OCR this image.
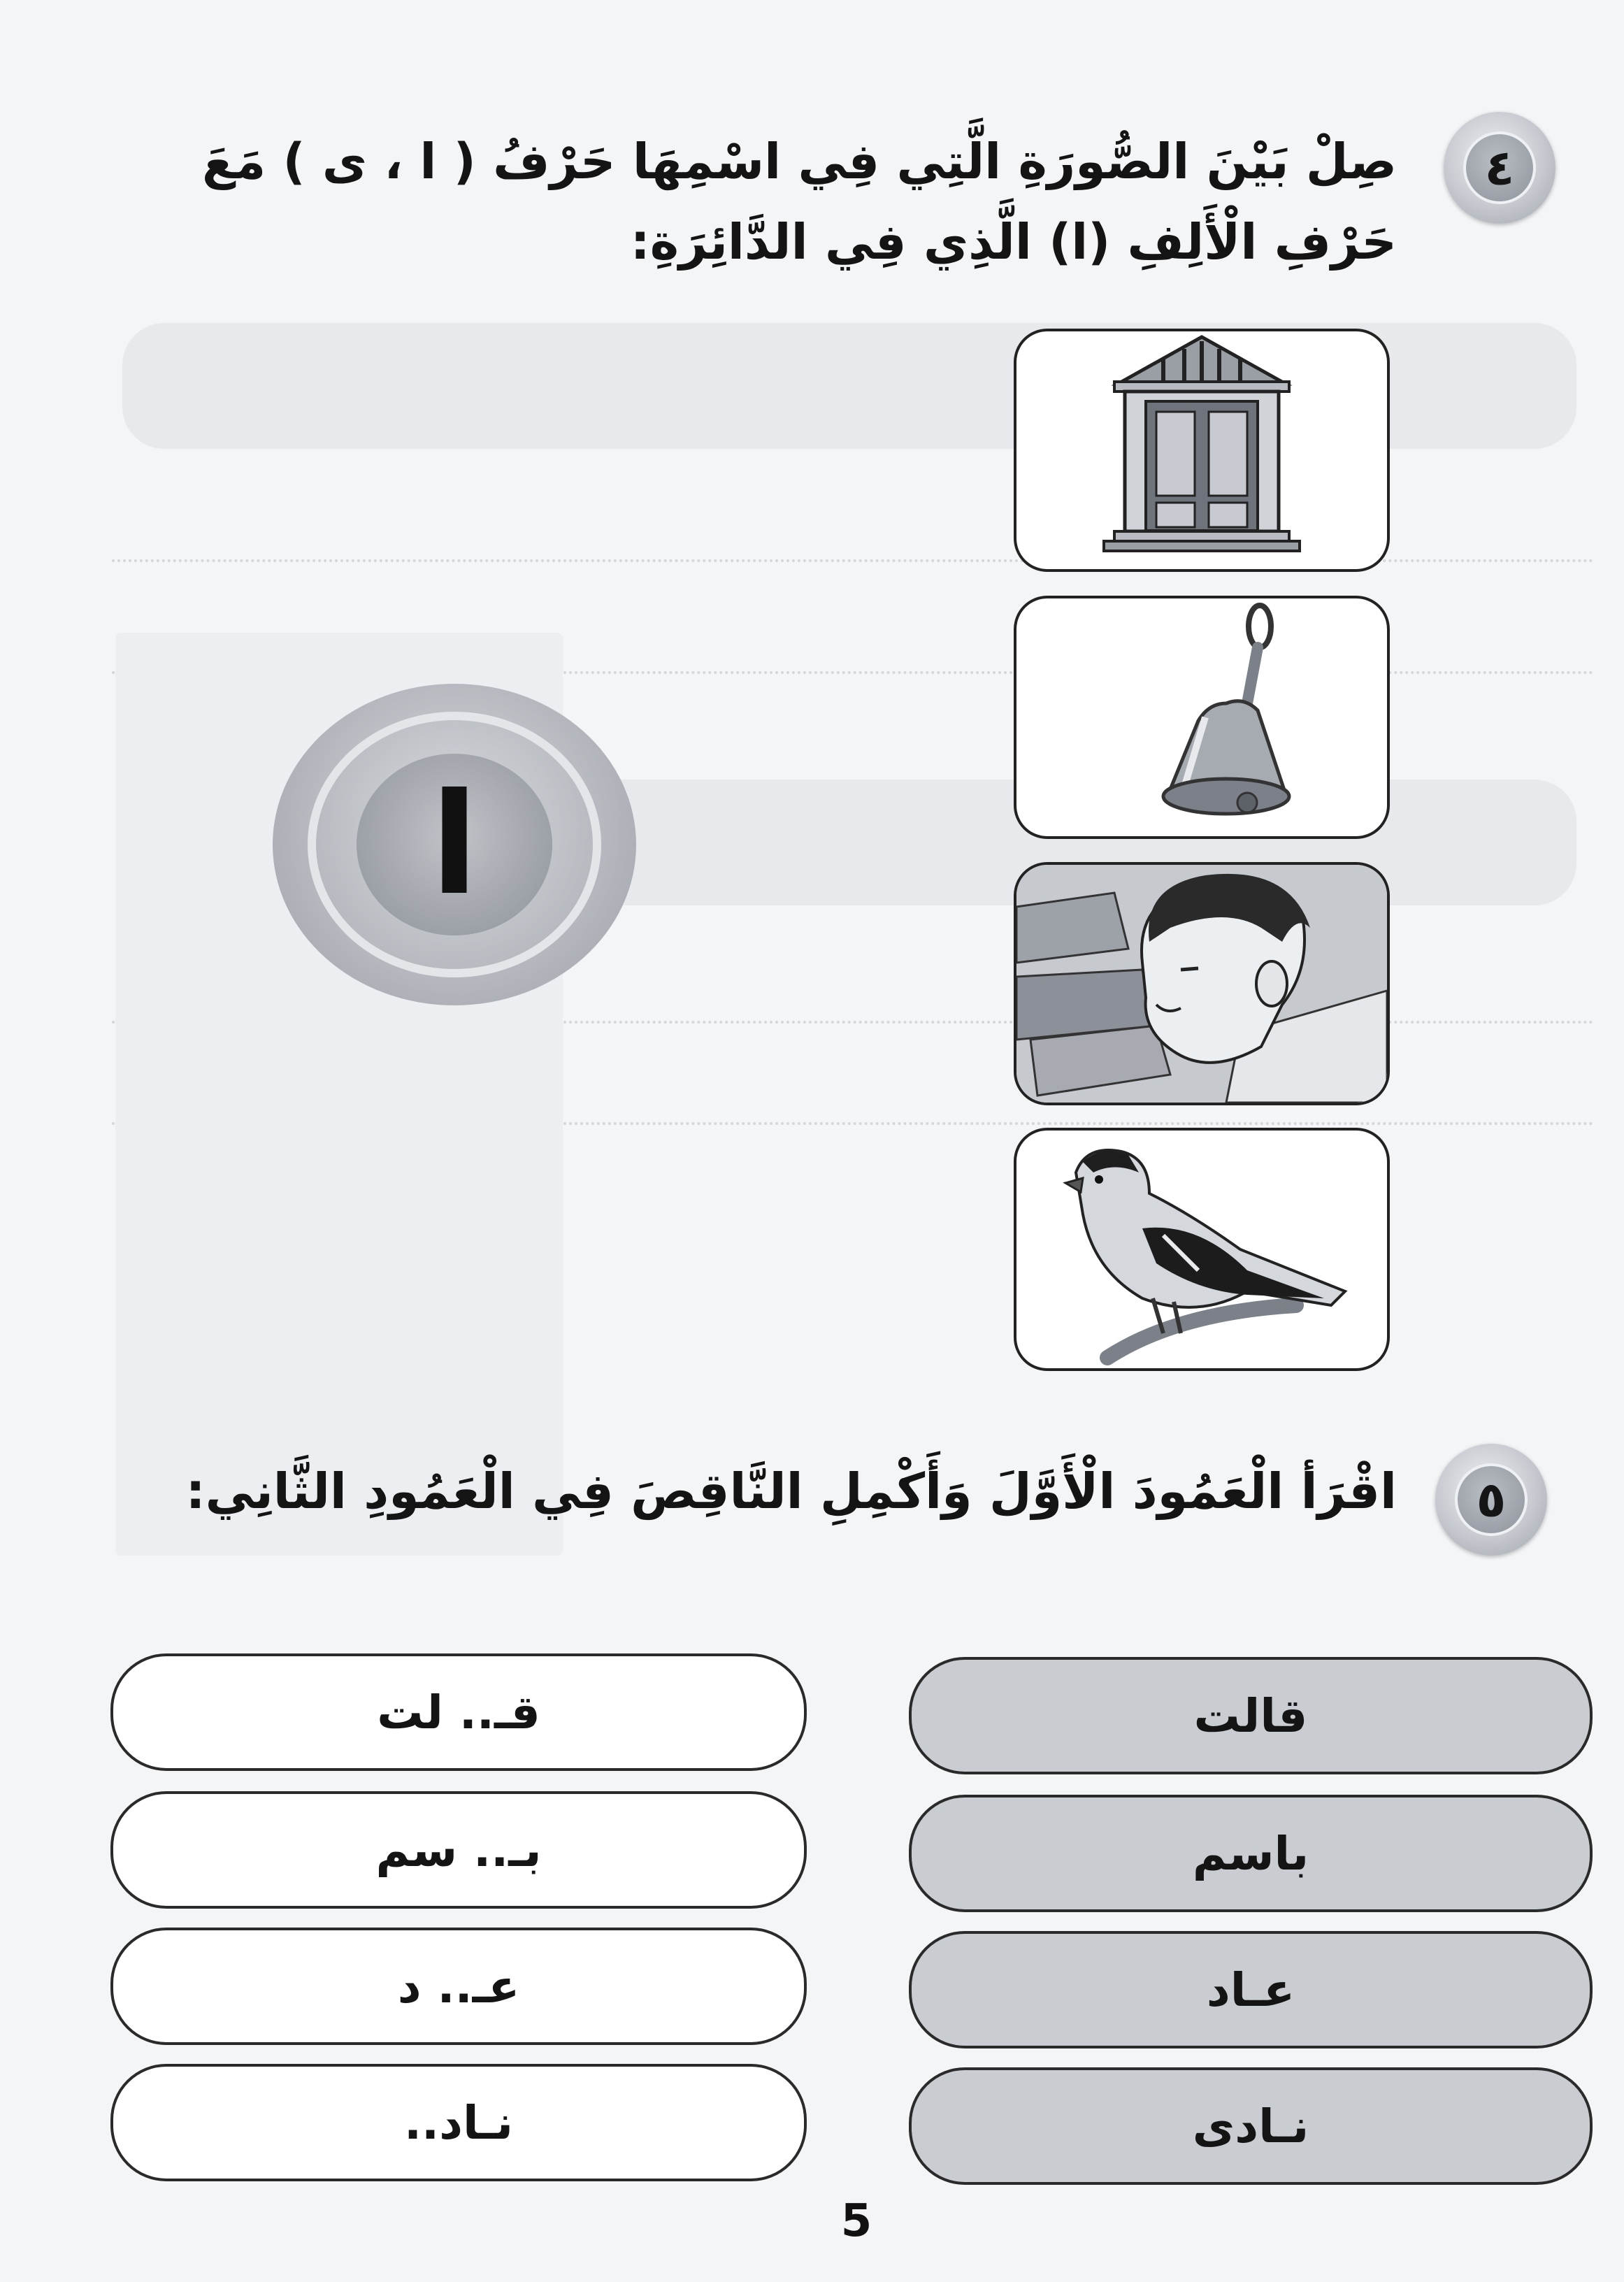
٤
صِلْ بَيْنَ الصُّورَةِ الَّتِي فِي اسْمِهَا حَرْفُ ( ا ، ى ) مَعَ
حَرْفِ الْأَلِفِ (ا) الَّذِي فِي الدَّائِرَةِ:
ا
٥
اقْرَأ الْعَمُودَ الْأَوَّلَ وَأَكْمِلِ النَّاقِصَ فِي الْعَمُودِ الثَّانِي:
قالت
باسم
عـاد
نـادى
قـ.. لت
بـ.. سم
عـ.. د
نـاد..
5
